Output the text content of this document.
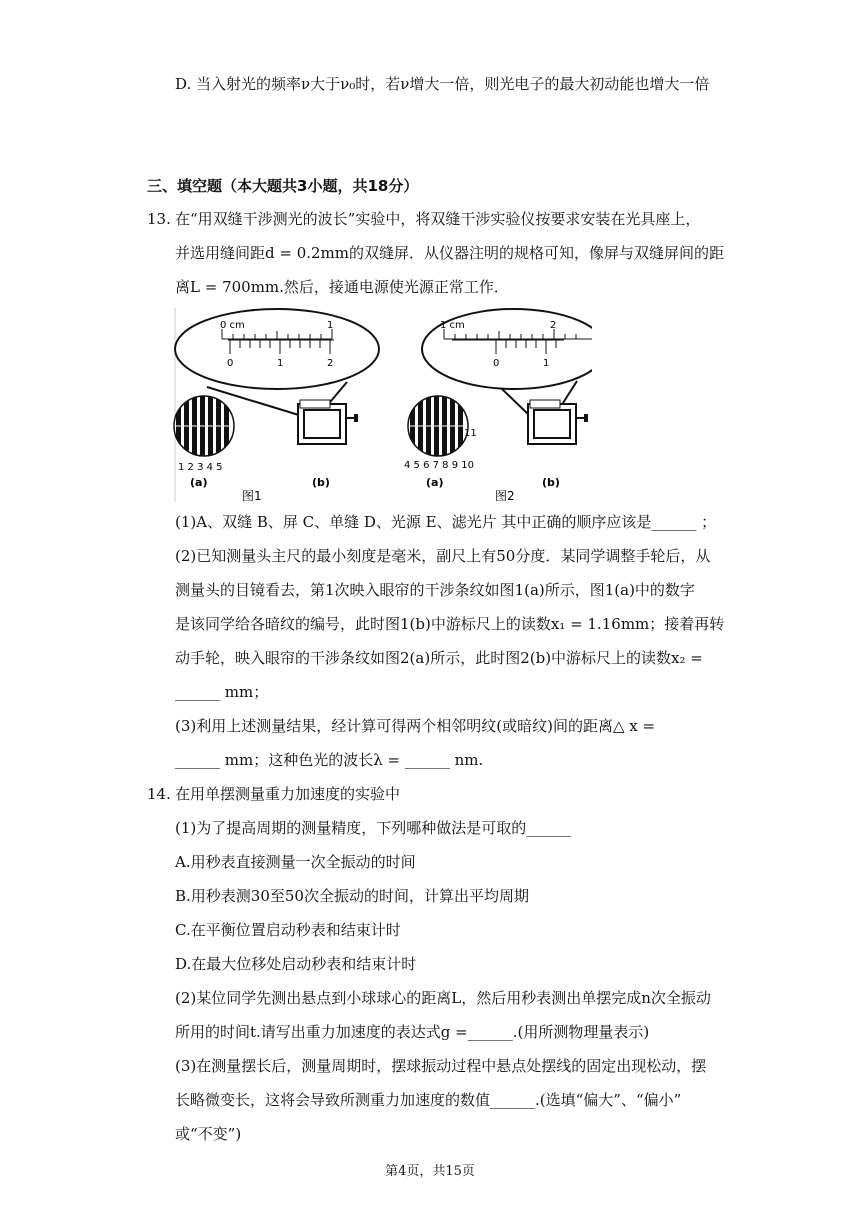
D. 当入射光的频率ν大于ν₀时，若ν增大一倍，则光电子的最大初动能也增大一倍
三、填空题（本大题共3小题，共18分）
13. 在“用双缝干涉测光的波长”实验中，将双缝干涉实验仪按要求安装在光具座上，
并选用缝间距d = 0.2mm的双缝屏．从仪器注明的规格可知，像屏与双缝屏间的距
离L = 700mm.然后，接通电源使光源正常工作．
0 cm	1
0	1	2
1 2 3 4 5
(a)	(b)
图1
1 cm	2
0	1
4 5 6 7 8 9 10
11
(a)	(b)
图2
(1)A、双缝 B、屏 C、单缝 D、光源 E、滤光片 其中正确的顺序应该是______ ；
(2)已知测量头主尺的最小刻度是毫米，副尺上有50分度．某同学调整手轮后，从
测量头的目镜看去，第1次映入眼帘的干涉条纹如图1(a)所示，图1(a)中的数字
是该同学给各暗纹的编号，此时图1(b)中游标尺上的读数x₁ = 1.16mm；接着再转
动手轮，映入眼帘的干涉条纹如图2(a)所示，此时图2(b)中游标尺上的读数x₂ =
______ mm；
(3)利用上述测量结果，经计算可得两个相邻明纹(或暗纹)间的距离△ x =
______ mm；这种色光的波长λ = ______ nm.
14. 在用单摆测量重力加速度的实验中
(1)为了提高周期的测量精度，下列哪种做法是可取的______
A.用秒表直接测量一次全振动的时间
B.用秒表测30至50次全振动的时间，计算出平均周期
C.在平衡位置启动秒表和结束计时
D.在最大位移处启动秒表和结束计时
(2)某位同学先测出悬点到小球球心的距离L，然后用秒表测出单摆完成n次全振动
所用的时间t.请写出重力加速度的表达式g =______.(用所测物理量表示)
(3)在测量摆长后，测量周期时，摆球振动过程中悬点处摆线的固定出现松动，摆
长略微变长，这将会导致所测重力加速度的数值______.(选填“偏大”、“偏小”
或“不变”)
第4页，共15页
